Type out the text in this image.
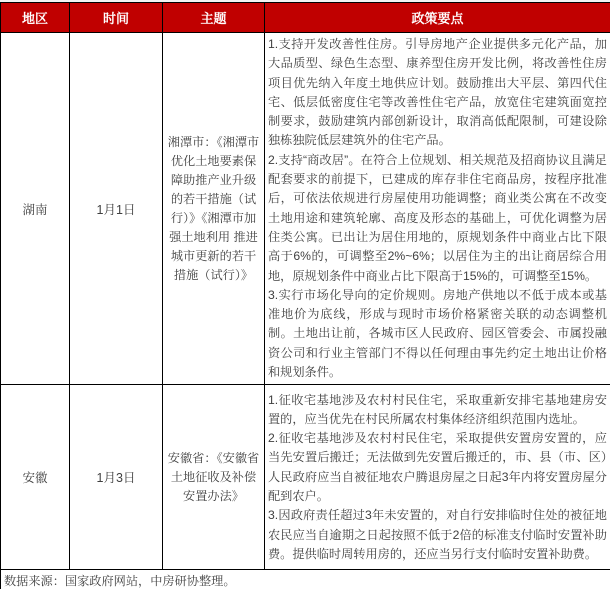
地区	时间	主题	政策要点
湖南	1月1日	湘潭市：《湘潭市优化土地要素保障助推产业升级的若干措施（试行）》《湘潭市加强土地利用 推进城市更新的若干措施（试行）》	1.支持开发改善性住房。引导房地产企业提供多元化产品，加大品质型、绿色生态型、康养型住房开发比例，将改善性住房项目优先纳入年度土地供应计划。鼓励推出大平层、第四代住宅、低层低密度住宅等改善性住宅产品，放宽住宅建筑面宽控制要求，鼓励建筑内部创新设计，取消高低配限制，可建设除独栋独院低层建筑外的住宅产品。
2.支持“商改居”。在符合上位规划、相关规范及招商协议且满足配套要求的前提下，已建成的库存非住宅商品房，按程序批准后，可依法依规进行房屋使用功能调整；商业类公寓在不改变土地用途和建筑轮廓、高度及形态的基础上，可优化调整为居住类公寓。已出让为居住用地的，原规划条件中商业占比下限高于6%的，可调整至2%~6%；以居住为主的出让商居综合用地，原规划条件中商业占比下限高于15%的，可调整至15%。
3.实行市场化导向的定价规则。房地产供地以不低于成本或基准地价为底线，形成与现时市场价格紧密关联的动态调整机制。土地出让前，各城市区人民政府、园区管委会、市属投融资公司和行业主管部门不得以任何理由事先约定土地出让价格和规划条件。

安徽	1月3日	安徽省：《安徽省土地征收及补偿安置办法》	1.征收宅基地涉及农村村民住宅，采取重新安排宅基地建房安置的，应当优先在村民所属农村集体经济组织范围内选址。
2.征收宅基地涉及农村村民住宅，采取提供安置房安置的，应当先安置后搬迁；无法做到先安置后搬迁的，市、县（市、区）人民政府应当自被征地农户腾退房屋之日起3年内将安置房屋分配到农户。
3.因政府责任超过3年未安置的，对自行安排临时住处的被征地农民应当自逾期之日起按照不低于2倍的标准支付临时安置补助费。提供临时周转用房的，还应当另行支付临时安置补助费。

数据来源：国家政府网站，中房研协整理。			
